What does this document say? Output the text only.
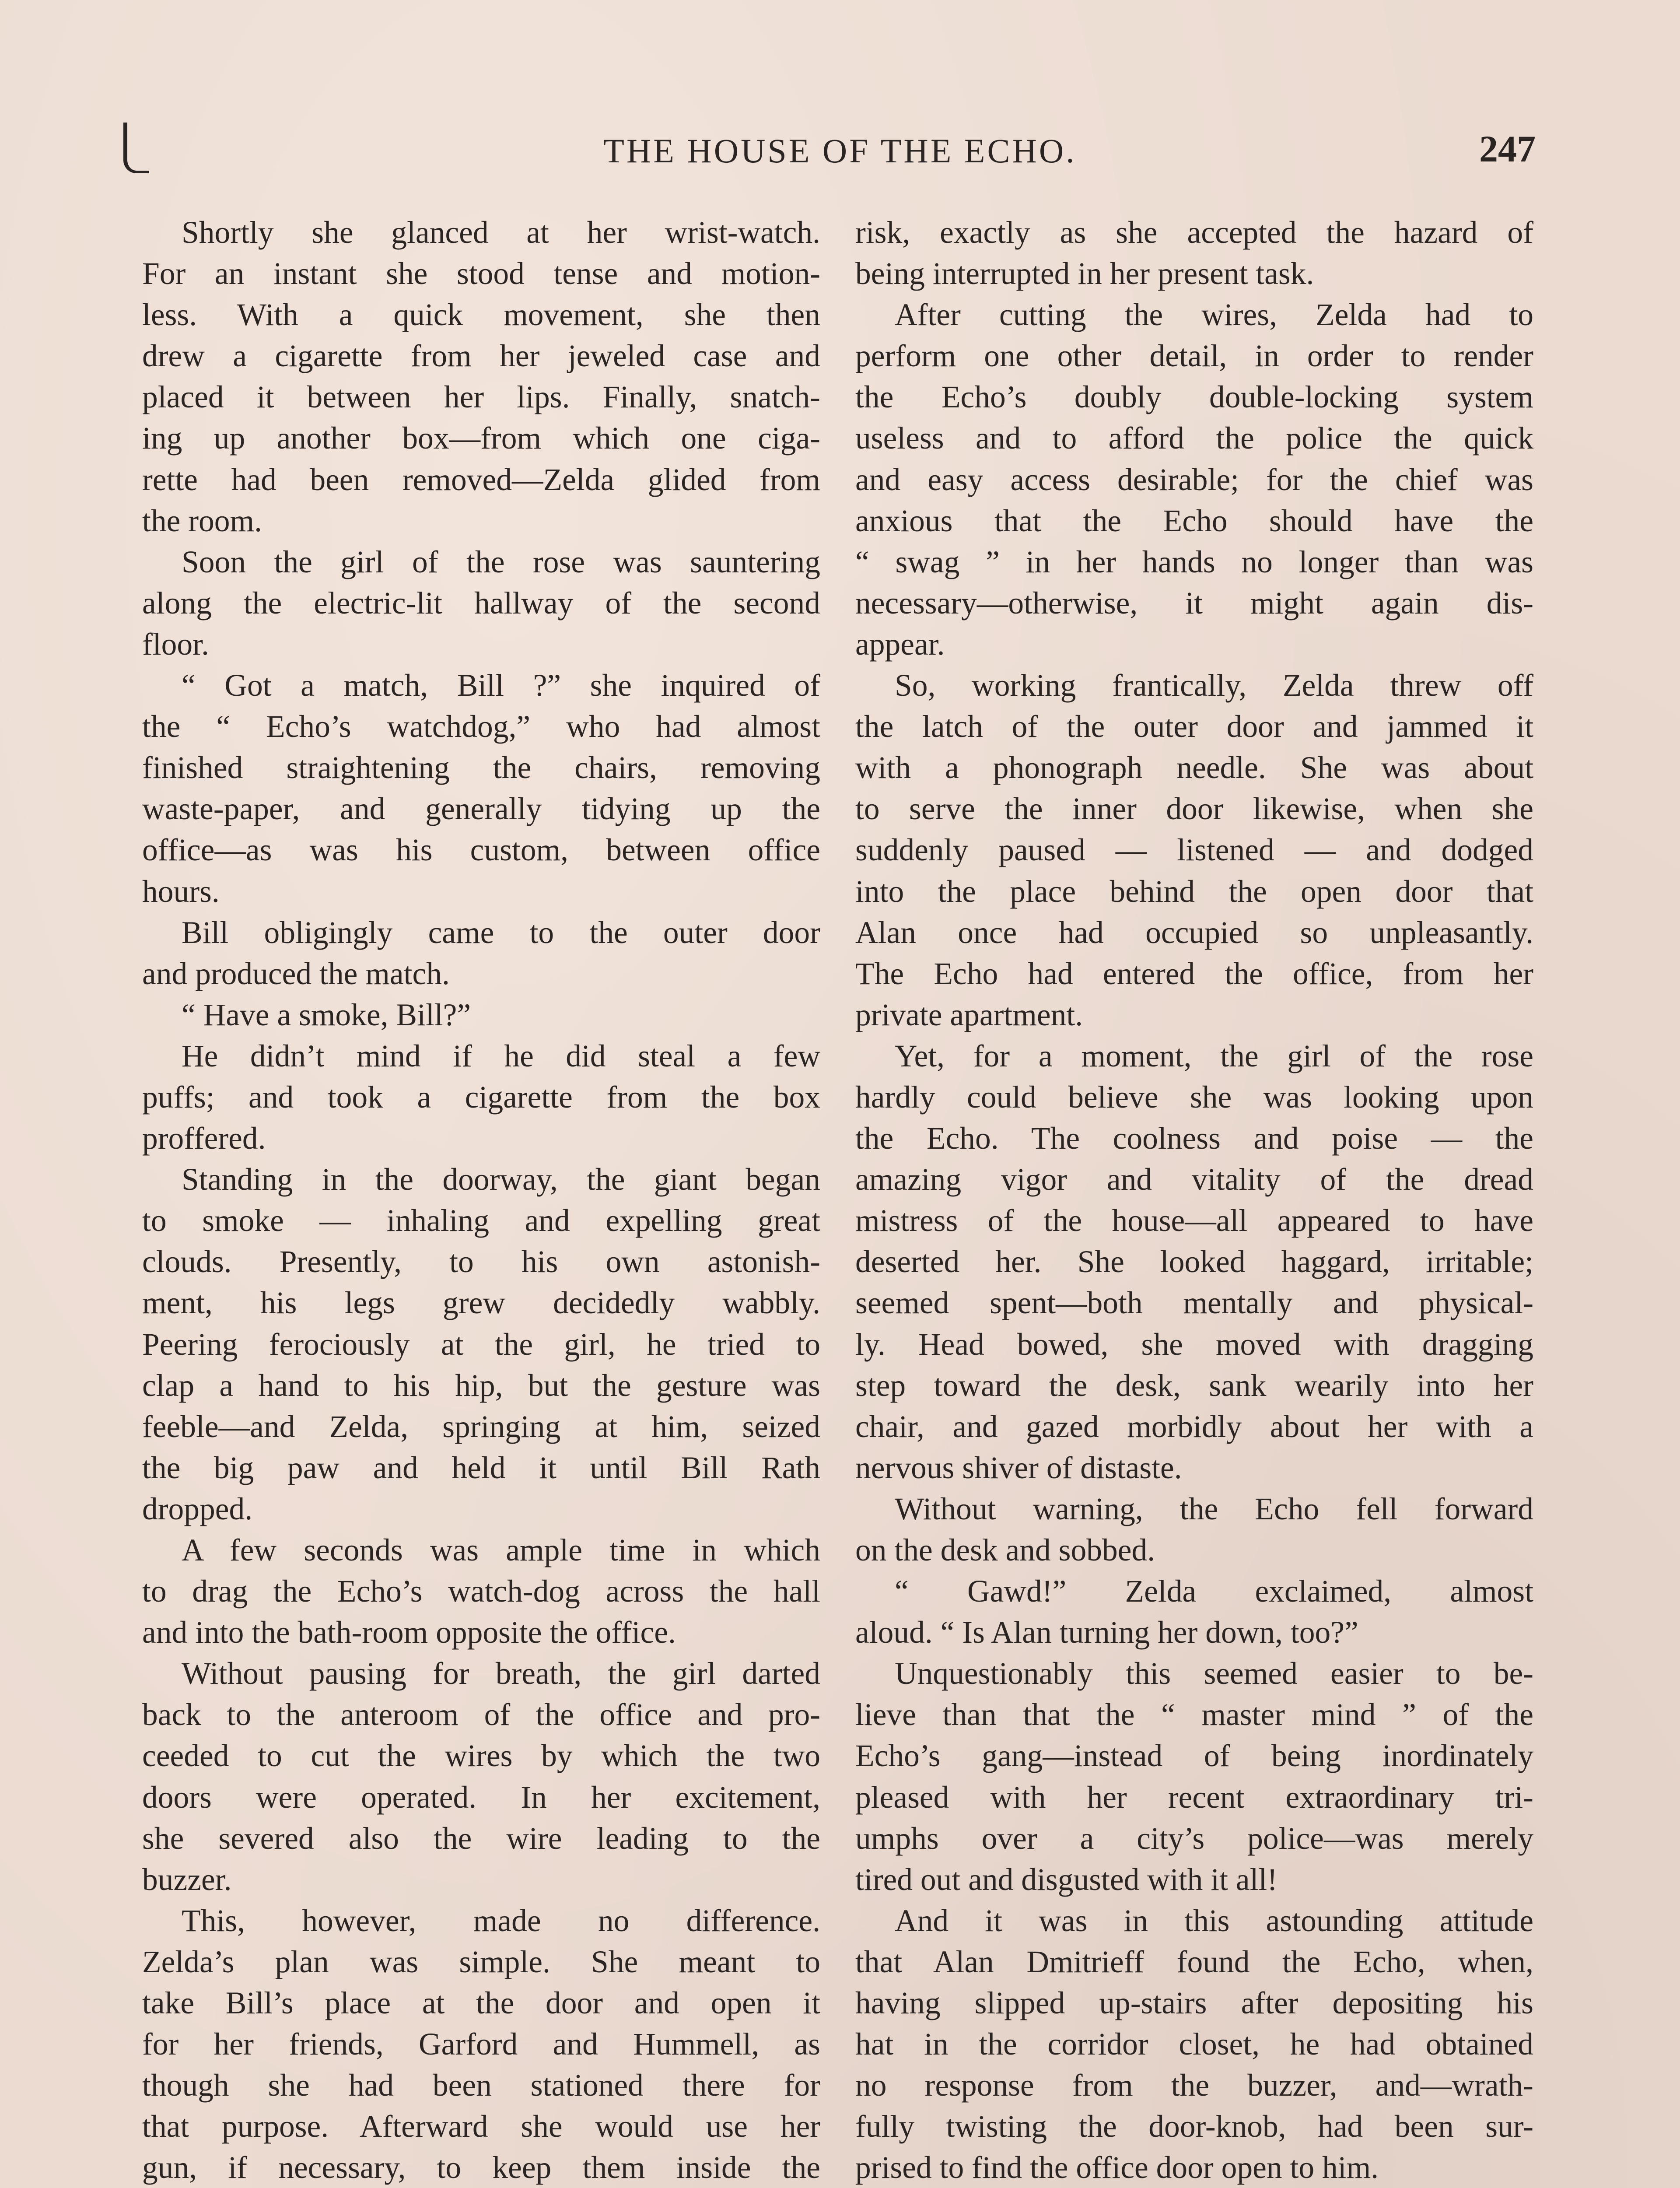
THE HOUSE OF THE ECHO.	247
Shortly she glanced at her wrist-watch.
For an instant she stood tense and motion-
less. With a quick movement, she then
drew a cigarette from her jeweled case and
placed it between her lips. Finally, snatch-
ing up another box—from which one ciga-
rette had been removed—Zelda glided from
the room.
Soon the girl of the rose was sauntering
along the electric-lit hallway of the second
floor.
“ Got a match, Bill ?” she inquired of
the “ Echo’s watchdog,” who had almost
finished straightening the chairs, removing
waste-paper, and generally tidying up the
office—as was his custom, between office
hours.
Bill obligingly came to the outer door
and produced the match.
“ Have a smoke, Bill?”
He didn’t mind if he did steal a few
puffs; and took a cigarette from the box
proffered.
Standing in the doorway, the giant began
to smoke — inhaling and expelling great
clouds. Presently, to his own astonish-
ment, his legs grew decidedly wabbly.
Peering ferociously at the girl, he tried to
clap a hand to his hip, but the gesture was
feeble—and Zelda, springing at him, seized
the big paw and held it until Bill Rath
dropped.
A few seconds was ample time in which
to drag the Echo’s watch-dog across the hall
and into the bath-room opposite the office.
Without pausing for breath, the girl darted
back to the anteroom of the office and pro-
ceeded to cut the wires by which the two
doors were operated. In her excitement,
she severed also the wire leading to the
buzzer.
This, however, made no difference.
Zelda’s plan was simple. She meant to
take Bill’s place at the door and open it
for her friends, Garford and Hummell, as
though she had been stationed there for
that purpose. Afterward she would use her
gun, if necessary, to keep them inside the
risk, exactly as she accepted the hazard of
being interrupted in her present task.
After cutting the wires, Zelda had to
perform one other detail, in order to render
the Echo’s doubly double-locking system
useless and to afford the police the quick
and easy access desirable; for the chief was
anxious that the Echo should have the
“ swag ” in her hands no longer than was
necessary—otherwise, it might again dis-
appear.
So, working frantically, Zelda threw off
the latch of the outer door and jammed it
with a phonograph needle. She was about
to serve the inner door likewise, when she
suddenly paused — listened — and dodged
into the place behind the open door that
Alan once had occupied so unpleasantly.
The Echo had entered the office, from her
private apartment.
Yet, for a moment, the girl of the rose
hardly could believe she was looking upon
the Echo. The coolness and poise — the
amazing vigor and vitality of the dread
mistress of the house—all appeared to have
deserted her. She looked haggard, irritable;
seemed spent—both mentally and physical-
ly. Head bowed, she moved with dragging
step toward the desk, sank wearily into her
chair, and gazed morbidly about her with a
nervous shiver of distaste.
Without warning, the Echo fell forward
on the desk and sobbed.
“ Gawd!” Zelda exclaimed, almost
aloud. “ Is Alan turning her down, too?”
Unquestionably this seemed easier to be-
lieve than that the “ master mind ” of the
Echo’s gang—instead of being inordinately
pleased with her recent extraordinary tri-
umphs over a city’s police—was merely
tired out and disgusted with it all!
And it was in this astounding attitude
that Alan Dmitrieff found the Echo, when,
having slipped up-stairs after depositing his
hat in the corridor closet, he had obtained
no response from the buzzer, and—wrath-
fully twisting the door-knob, had been sur-
prised to find the office door open to him.
